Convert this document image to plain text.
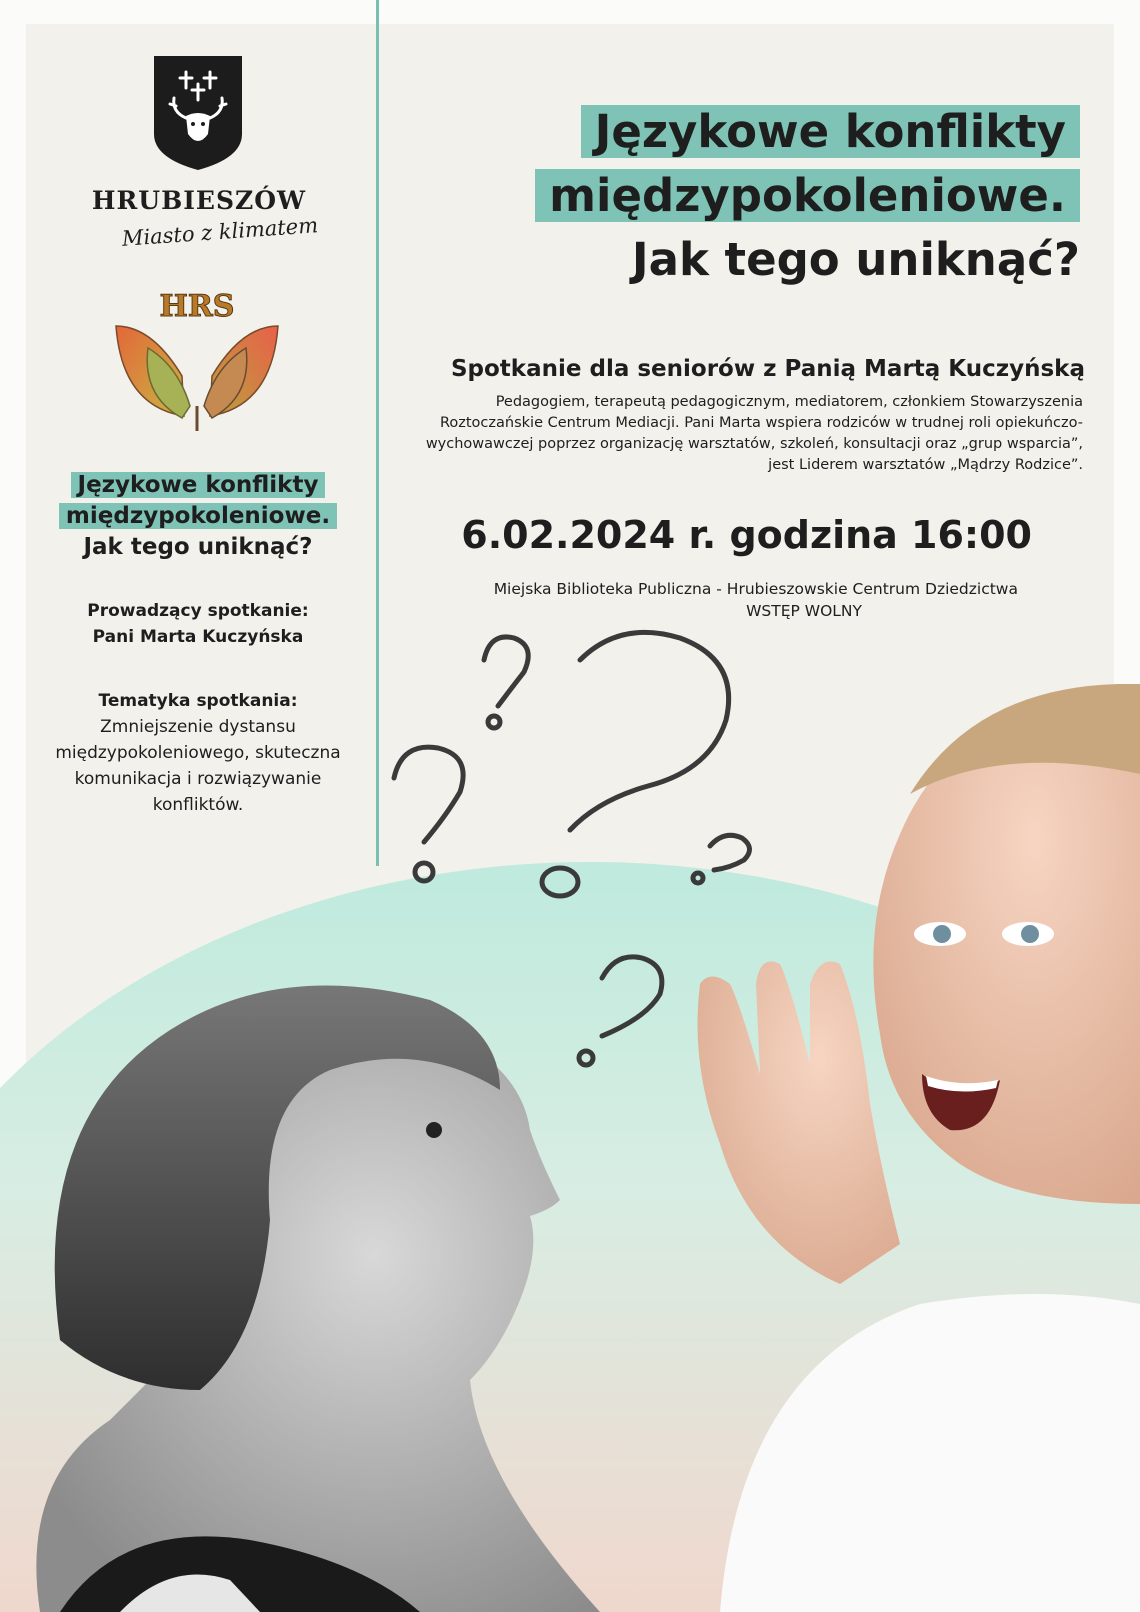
HRUBIESZÓW
Miasto z klimatem
HRS
Językowe konflikty
międzypokoleniowe.
Jak tego uniknąć?
Prowadzący spotkanie:
Pani Marta Kuczyńska
Tematyka spotkania:
Zmniejszenie dystansu
międzypokoleniowego, skuteczna
komunikacja i rozwiązywanie
konfliktów.
Językowe konflikty
międzypokoleniowe.
Jak tego uniknąć?
Spotkanie dla seniorów z Panią Martą Kuczyńską
Pedagogiem, terapeutą pedagogicznym, mediatorem, członkiem Stowarzyszenia
Roztoczańskie Centrum Mediacji. Pani Marta wspiera rodziców w trudnej roli opiekuńczo-
wychowawczej poprzez organizację warsztatów, szkoleń, konsultacji oraz „grup wsparcia”,
jest Liderem warsztatów „Mądrzy Rodzice”.
6.02.2024 r. godzina 16:00
Miejska Biblioteka Publiczna - Hrubieszowskie Centrum Dziedzictwa
WSTĘP WOLNY
